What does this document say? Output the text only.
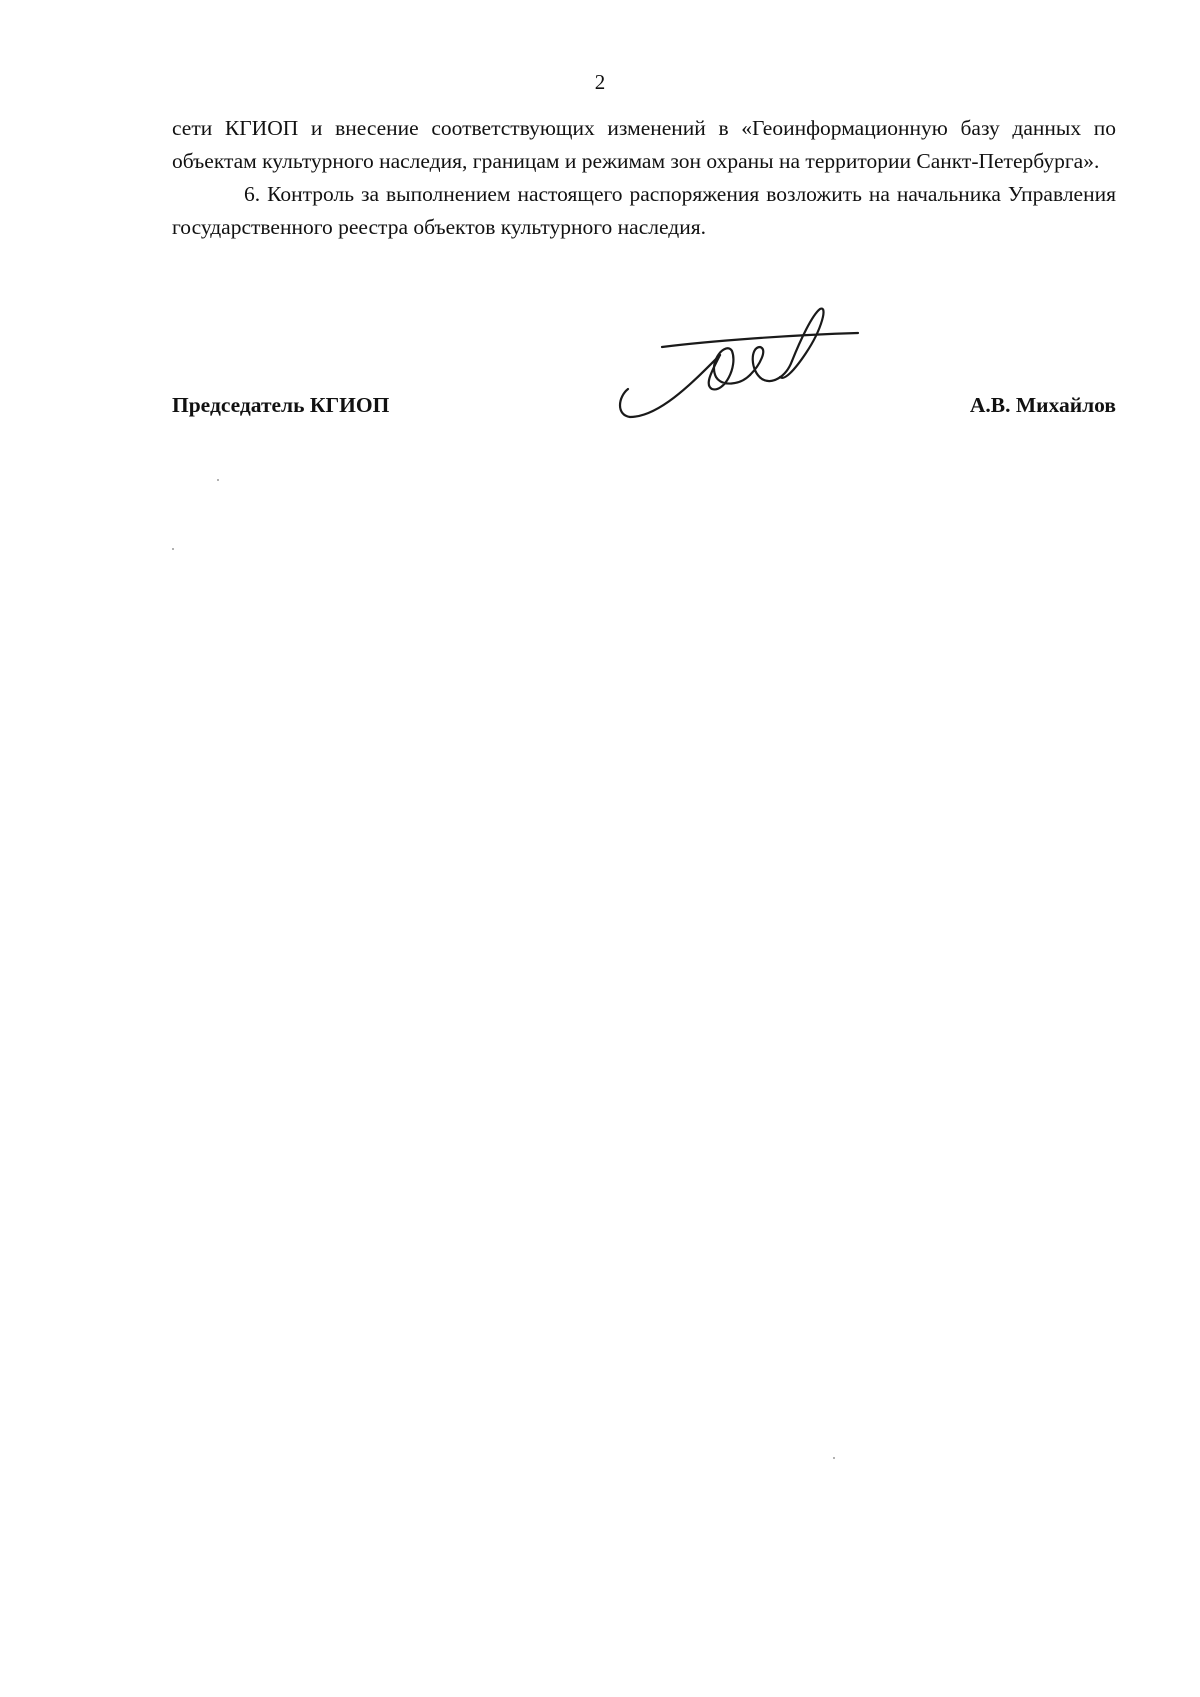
2

сети КГИОП и внесение соответствующих изменений в «Геоинформационную базу данных по объектам культурного наследия, границам и режимам зон охраны на территории Санкт-Петербурга».

6. Контроль за выполнением настоящего распоряжения возложить на начальника Управления государственного реестра объектов культурного наследия.

Председатель КГИОП	А.В. Михайлов
